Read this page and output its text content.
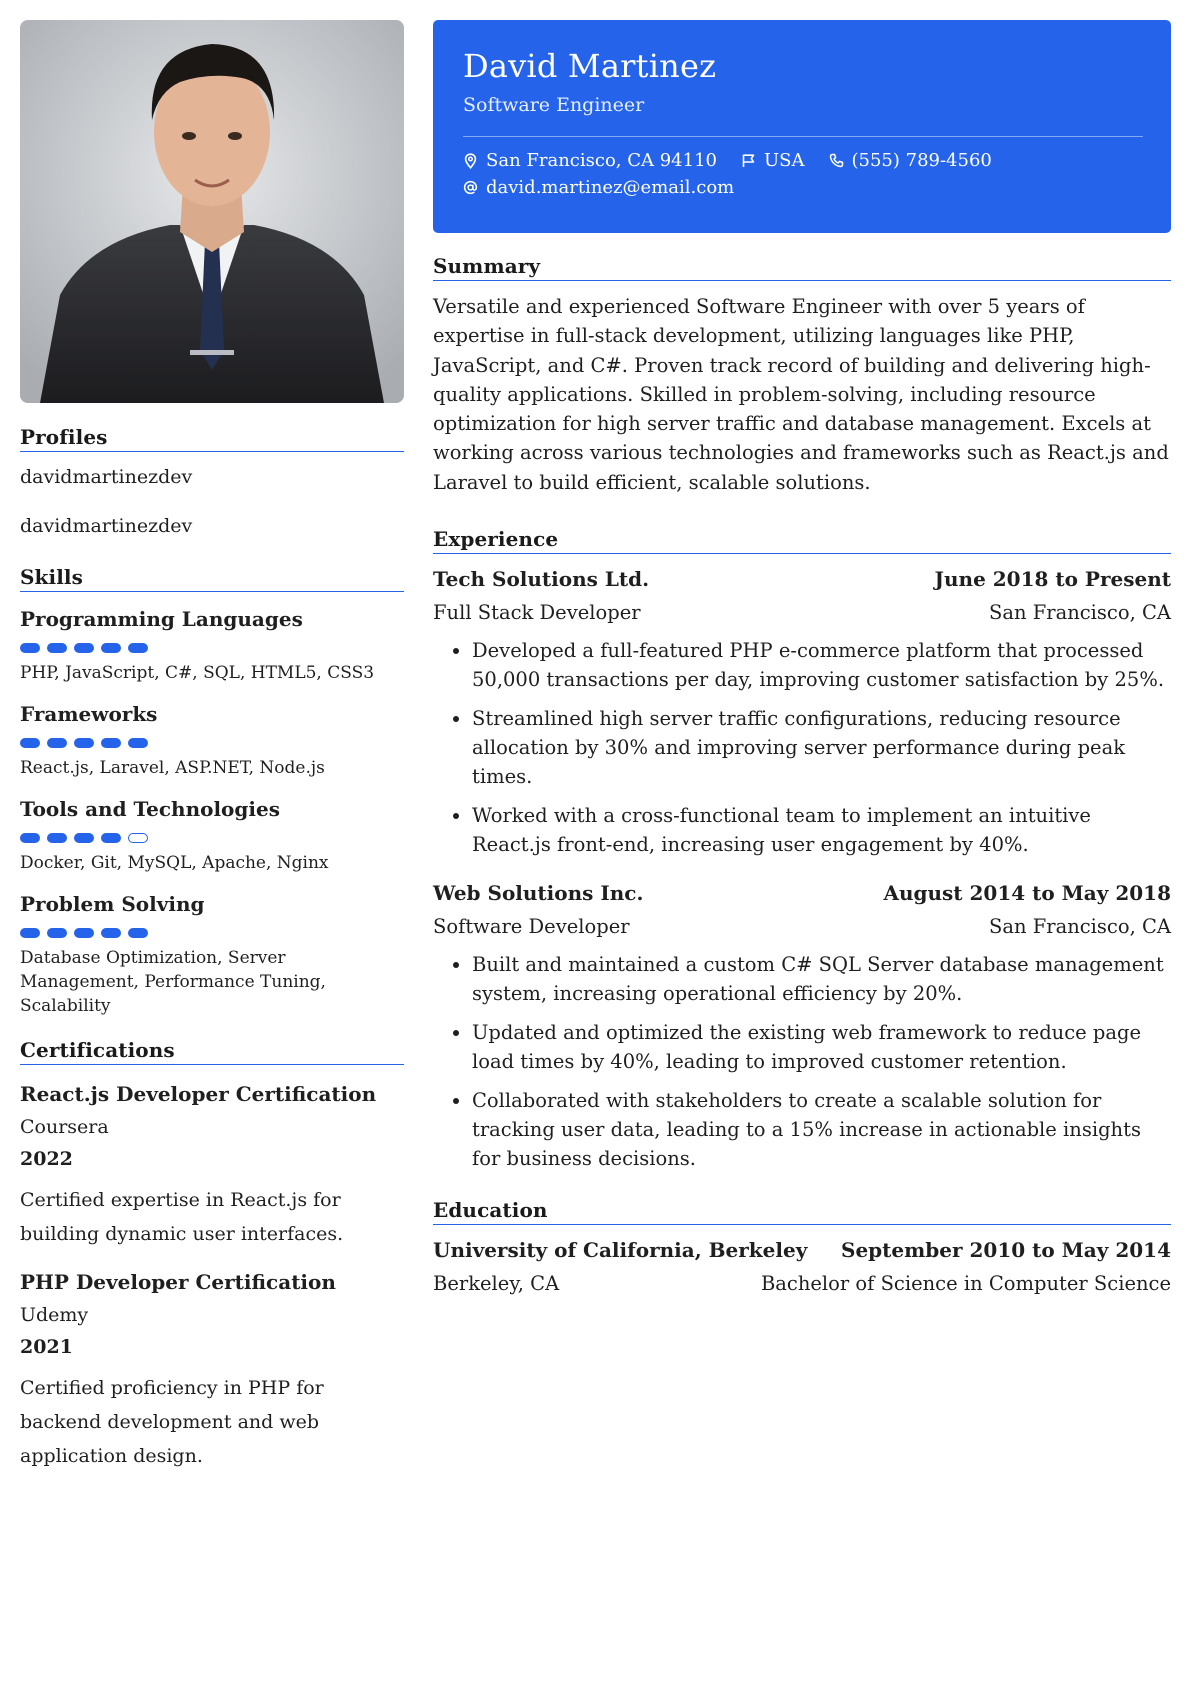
Profiles
davidmartinezdev
davidmartinezdev
Skills
Programming Languages
PHP, JavaScript, C#, SQL, HTML5, CSS3
Frameworks
React.js, Laravel, ASP.NET, Node.js
Tools and Technologies
Docker, Git, MySQL, Apache, Nginx
Problem Solving
Database Optimization, Server Management, Performance Tuning, Scalability
Certifications
React.js Developer Certification
Coursera
2022
Certified expertise in React.js for building dynamic user interfaces.
PHP Developer Certification
Udemy
2021
Certified proficiency in PHP for backend development and web application design.
David Martinez
Software Engineer
San Francisco, CA 94110	USA	(555) 789-4560
david.martinez@email.com
Summary
Versatile and experienced Software Engineer with over 5 years of expertise in full-stack development, utilizing languages like PHP, JavaScript, and C#. Proven track record of building and delivering high-quality applications. Skilled in problem-solving, including resource optimization for high server traffic and database management. Excels at working across various technologies and frameworks such as React.js and Laravel to build efficient, scalable solutions.
Experience
Tech Solutions Ltd.	June 2018 to Present
Full Stack Developer	San Francisco, CA
• Developed a full-featured PHP e-commerce platform that processed 50,000 transactions per day, improving customer satisfaction by 25%.
• Streamlined high server traffic configurations, reducing resource allocation by 30% and improving server performance during peak times.
• Worked with a cross-functional team to implement an intuitive React.js front-end, increasing user engagement by 40%.
Web Solutions Inc.	August 2014 to May 2018
Software Developer	San Francisco, CA
• Built and maintained a custom C# SQL Server database management system, increasing operational efficiency by 20%.
• Updated and optimized the existing web framework to reduce page load times by 40%, leading to improved customer retention.
• Collaborated with stakeholders to create a scalable solution for tracking user data, leading to a 15% increase in actionable insights for business decisions.
Education
University of California, Berkeley September 2010 to May 2014
Berkeley, CA	Bachelor of Science in Computer Science
